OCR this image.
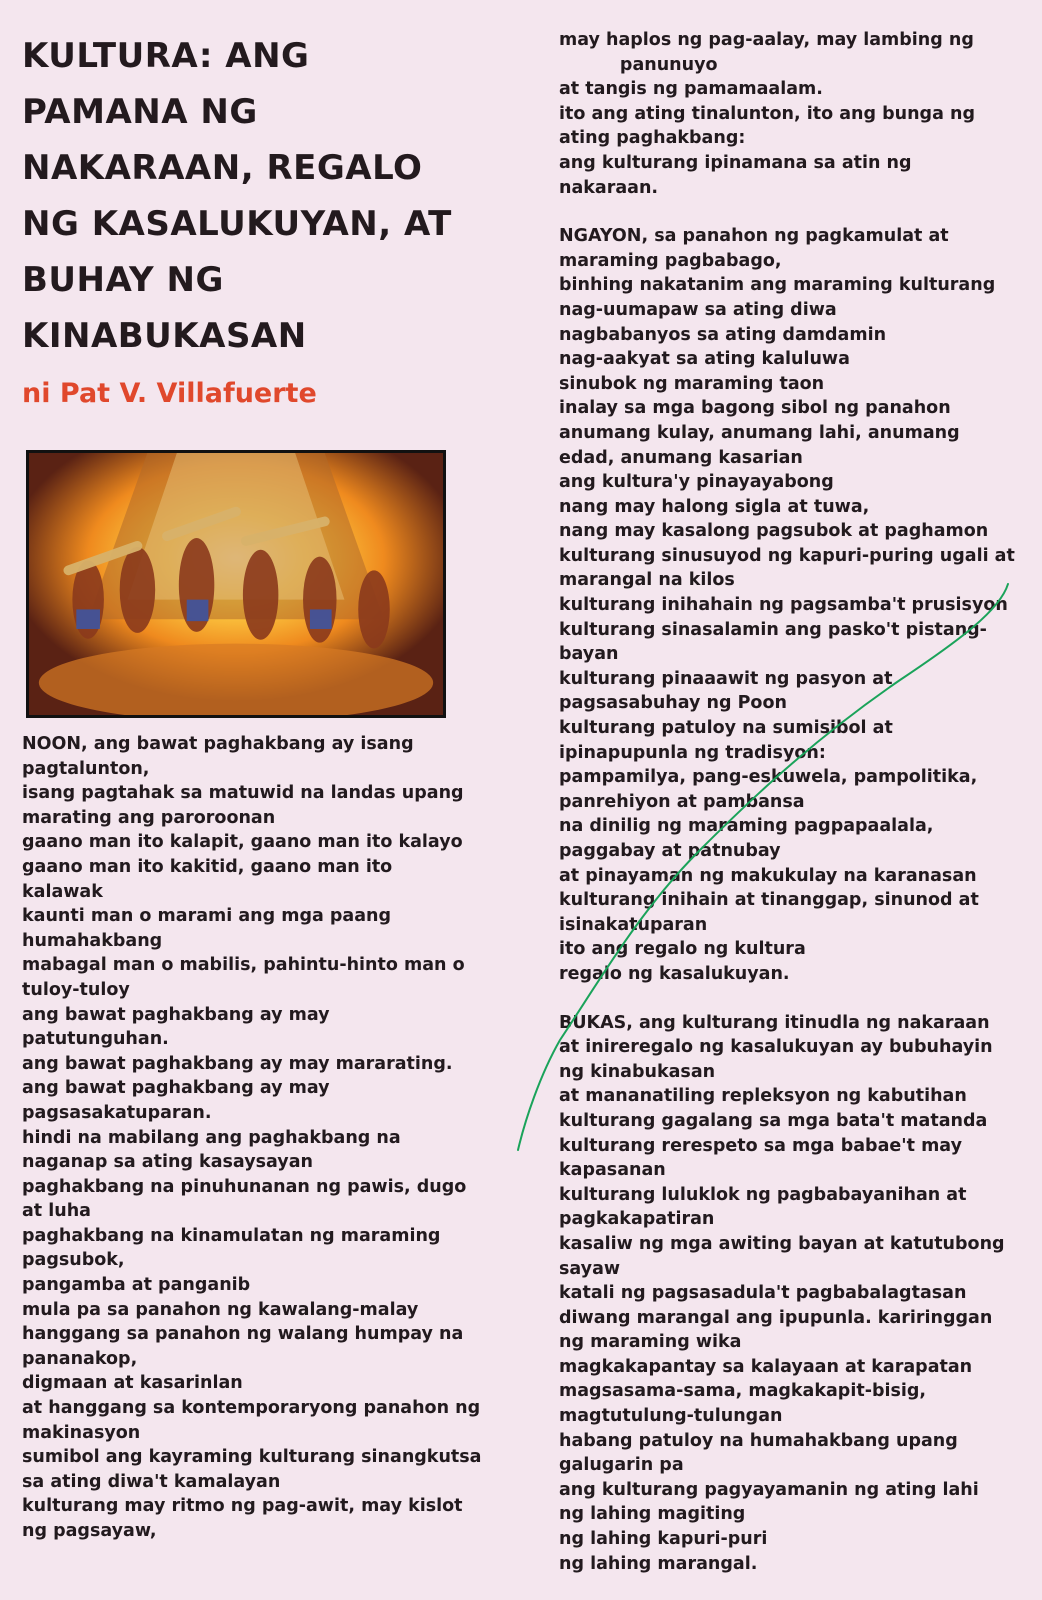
KULTURA: ANG
PAMANA NG
NAKARAAN, REGALO
NG KASALUKUYAN, AT
BUHAY NG
KINABUKASAN

ni Pat V. Villafuerte

NOON, ang bawat paghakbang ay isang

pagtalunton,

isang pagtahak sa matuwid na landas upang

marating ang paroroonan

gaano man ito kalapit, gaano man ito kalayo

gaano man ito kakitid, gaano man ito

kalawak

kaunti man o marami ang mga paang

humahakbang

mabagal man o mabilis, pahintu-hinto man o

tuloy-tuloy

ang bawat paghakbang ay may

patutunguhan.

ang bawat paghakbang ay may mararating.

ang bawat paghakbang ay may

pagsasakatuparan.

hindi na mabilang ang paghakbang na

naganap sa ating kasaysayan

paghakbang na pinuhunanan ng pawis, dugo

at luha

paghakbang na kinamulatan ng maraming

pagsubok,

pangamba at panganib

mula pa sa panahon ng kawalang-malay

hanggang sa panahon ng walang humpay na

pananakop,

digmaan at kasarinlan

at hanggang sa kontemporaryong panahon ng

makinasyon

sumibol ang kayraming kulturang sinangkutsa

sa ating diwa't kamalayan

kulturang may ritmo ng pag-awit, may kislot

ng pagsayaw,

may haplos ng pag-aalay, may lambing ng

panunuyo

at tangis ng pamamaalam.

ito ang ating tinalunton, ito ang bunga ng

ating paghakbang:

ang kulturang ipinamana sa atin ng

nakaraan.

NGAYON, sa panahon ng pagkamulat at

maraming pagbabago,

binhing nakatanim ang maraming kulturang

nag-uumapaw sa ating diwa

nagbabanyos sa ating damdamin

nag-aakyat sa ating kaluluwa

sinubok ng maraming taon

inalay sa mga bagong sibol ng panahon

anumang kulay, anumang lahi, anumang

edad, anumang kasarian

ang kultura'y pinayayabong

nang may halong sigla at tuwa,

nang may kasalong pagsubok at paghamon

kulturang sinusuyod ng kapuri-puring ugali at

marangal na kilos

kulturang inihahain ng pagsamba't prusisyon

kulturang sinasalamin ang pasko't pistang-

bayan

kulturang pinaaawit ng pasyon at

pagsasabuhay ng Poon

kulturang patuloy na sumisibol at

ipinapupunla ng tradisyon:

pampamilya, pang-eskuwela, pampolitika,

panrehiyon at pambansa

na dinilig ng maraming pagpapaalala,

paggabay at patnubay

at pinayaman ng makukulay na karanasan

kulturang inihain at tinanggap, sinunod at

isinakatuparan

ito ang regalo ng kultura

regalo ng kasalukuyan.

BUKAS, ang kulturang itinudla ng nakaraan

at inireregalo ng kasalukuyan ay bubuhayin

ng kinabukasan

at mananatiling repleksyon ng kabutihan

kulturang gagalang sa mga bata't matanda

kulturang rerespeto sa mga babae't may

kapasanan

kulturang luluklok ng pagbabayanihan at

pagkakapatiran

kasaliw ng mga awiting bayan at katutubong

sayaw

katali ng pagsasadula't pagbabalagtasan

diwang marangal ang ipupunla. kariringgan

ng maraming wika

magkakapantay sa kalayaan at karapatan

magsasama-sama, magkakapit-bisig,

magtutulung-tulungan

habang patuloy na humahakbang upang

galugarin pa

ang kulturang pagyayamanin ng ating lahi

ng lahing magiting

ng lahing kapuri-puri

ng lahing marangal.
